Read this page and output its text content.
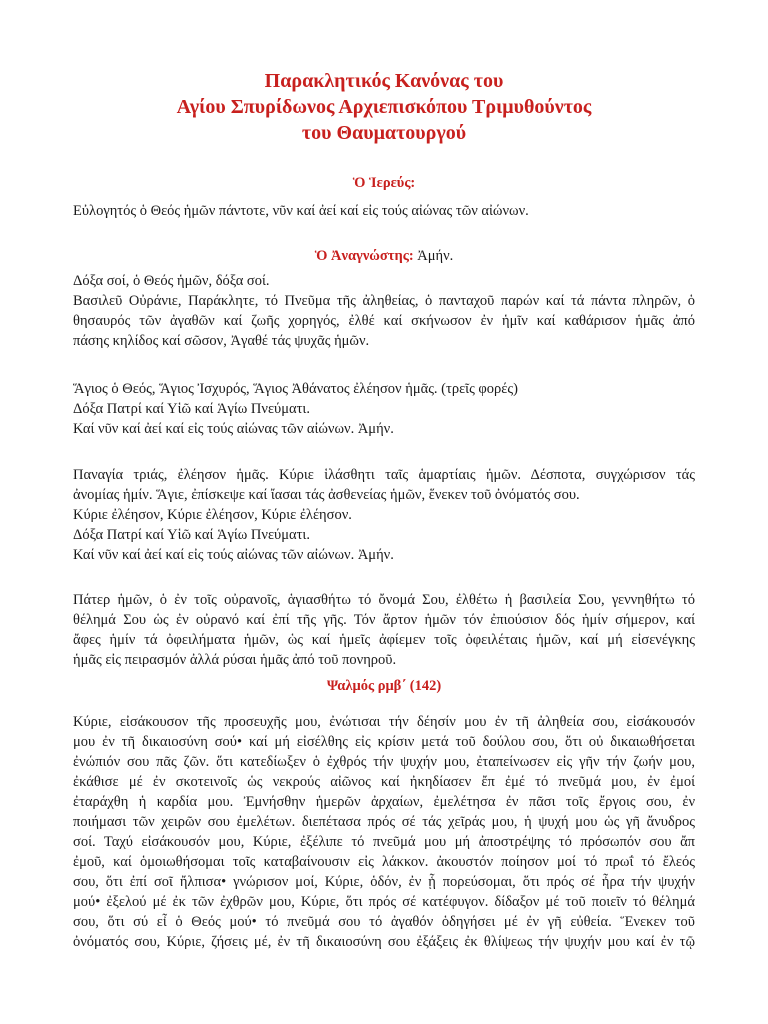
Παρακλητικός Κανόνας του
Αγίου Σπυρίδωνος Αρχιεπισκόπου Τριμυθούντος
του Θαυματουργού
Ὁ Ἱερεύς:
Εὐλογητός ὁ Θεός ἡμῶν πάντοτε, νῦν καί ἀεί καί εἰς τούς αἰώνας τῶν αἰώνων.
Ὁ Ἀναγνώστης: Ἀμήν.
Δόξα σοί, ὁ Θεός ἡμῶν, δόξα σοί.
Βασιλεῦ Οὐράνιε, Παράκλητε, τό Πνεῦμα τῆς ἀληθείας, ὁ πανταχοῦ παρών καί τά πάντα πληρῶν, ὁ
θησαυρός τῶν ἀγαθῶν καί ζωῆς χορηγός, ἐλθέ καί σκήνωσον ἐν ἡμῖν καί καθάρισον ἡμᾶς ἀπό
πάσης κηλίδος καί σῶσον, Ἀγαθέ τάς ψυχᾶς ἡμῶν.
Ἅγιος ὁ Θεός, Ἅγιος Ἰσχυρός, Ἅγιος Ἀθάνατος ἐλέησον ἡμᾶς. (τρεῖς φορές)
Δόξα Πατρί καί Υἱῶ καί Ἁγίω Πνεύματι.
Καί νῦν καί ἀεί καί εἰς τούς αἰώνας τῶν αἰώνων. Ἀμήν.
Παναγία τριάς, ἐλέησον ἡμᾶς. Κύριε ἱλάσθητι ταῖς ἁμαρτίαις ἡμῶν. Δέσποτα, συγχώρισον τάς
ἀνομίας ἡμίν. Ἅγιε, ἐπίσκεψε καί ἴασαι τάς ἀσθενείας ἡμῶν, ἕνεκεν τοῦ ὀνόματός σου.
Κύριε ἐλέησον, Κύριε ἐλέησον, Κύριε ἐλέησον.
Δόξα Πατρί καί Υἱῶ καί Ἁγίω Πνεύματι.
Καί νῦν καί ἀεί καί εἰς τούς αἰώνας τῶν αἰώνων. Ἀμήν.
Πάτερ ἡμῶν, ὁ ἐν τοῖς οὐρανοῖς, ἁγιασθήτω τό ὄνομά Σου, ἐλθέτω ἡ βασιλεία Σου, γεννηθήτω τό
θέλημά Σου ὡς ἐν οὐρανό καί ἐπί τῆς γῆς. Τόν ἄρτον ἡμῶν τόν ἐπιούσιον δός ἡμίν σήμερον, καί
ἄφες ἡμίν τά ὀφειλήματα ἡμῶν, ὡς καί ἡμεῖς ἀφίεμεν τοῖς ὀφειλέταις ἡμῶν, καί μή εἰσενέγκης
ἡμᾶς εἰς πειρασμόν ἀλλά ρύσαι ἡμᾶς ἀπό τοῦ πονηροῦ.
Ψαλμός ρμβ΄ (142)
Κύριε, εἰσάκουσον τῆς προσευχῆς μου, ἐνώτισαι τήν δέησίν μου ἐν τῆ ἀληθεία σου, εἰσάκουσόν
μου ἐν τῆ δικαιοσύνη σού• καί μή εἰσέλθης εἰς κρίσιν μετά τοῦ δούλου σου, ὅτι οὐ δικαιωθήσεται
ἐνώπιόν σου πᾶς ζῶν. ὅτι κατεδίωξεν ὁ ἐχθρός τήν ψυχήν μου, ἐταπείνωσεν εἰς γῆν τήν ζωήν μου,
ἐκάθισε μέ ἐν σκοτεινοῖς ὡς νεκρούς αἰῶνος καί ἠκηδίασεν ἔπ ἐμέ τό πνεῦμά μου, ἐν ἐμοί
ἐταράχθη ἡ καρδία μου. Ἐμνήσθην ἡμερῶν ἀρχαίων, ἐμελέτησα ἐν πᾶσι τοῖς ἔργοις σου, ἐν
ποιήμασι τῶν χειρῶν σου ἐμελέτων. διεπέτασα πρός σέ τάς χεῖράς μου, ἡ ψυχή μου ὡς γῆ ἄνυδρος
σοί. Ταχύ εἰσάκουσόν μου, Κύριε, ἐξέλιπε τό πνεῦμά μου μή ἀποστρέψης τό πρόσωπόν σου ἄπ
ἐμοῦ, καί ὁμοιωθήσομαι τοῖς καταβαίνουσιν εἰς λάκκον. ἀκουστόν ποίησον μοί τό πρωΐ τό ἔλεός
σου, ὅτι ἐπί σοῖ ἤλπισα• γνώρισον μοί, Κύριε, ὁδόν, ἐν ᾗ πορεύσομαι, ὅτι πρός σέ ἦρα τήν ψυχήν
μού• ἐξελού μέ ἐκ τῶν ἐχθρῶν μου, Κύριε, ὅτι πρός σέ κατέφυγον. δίδαξον μέ τοῦ ποιεῖν τό θέλημά
σου, ὅτι σύ εἶ ὁ Θεός μού• τό πνεῦμά σου τό ἀγαθόν ὁδηγήσει μέ ἐν γῆ εὐθεία. Ἕνεκεν τοῦ
ὀνόματός σου, Κύριε, ζήσεις μέ, ἐν τῆ δικαιοσύνη σου ἐξάξεις ἐκ θλίψεως τήν ψυχήν μου καί ἐν τῷ
